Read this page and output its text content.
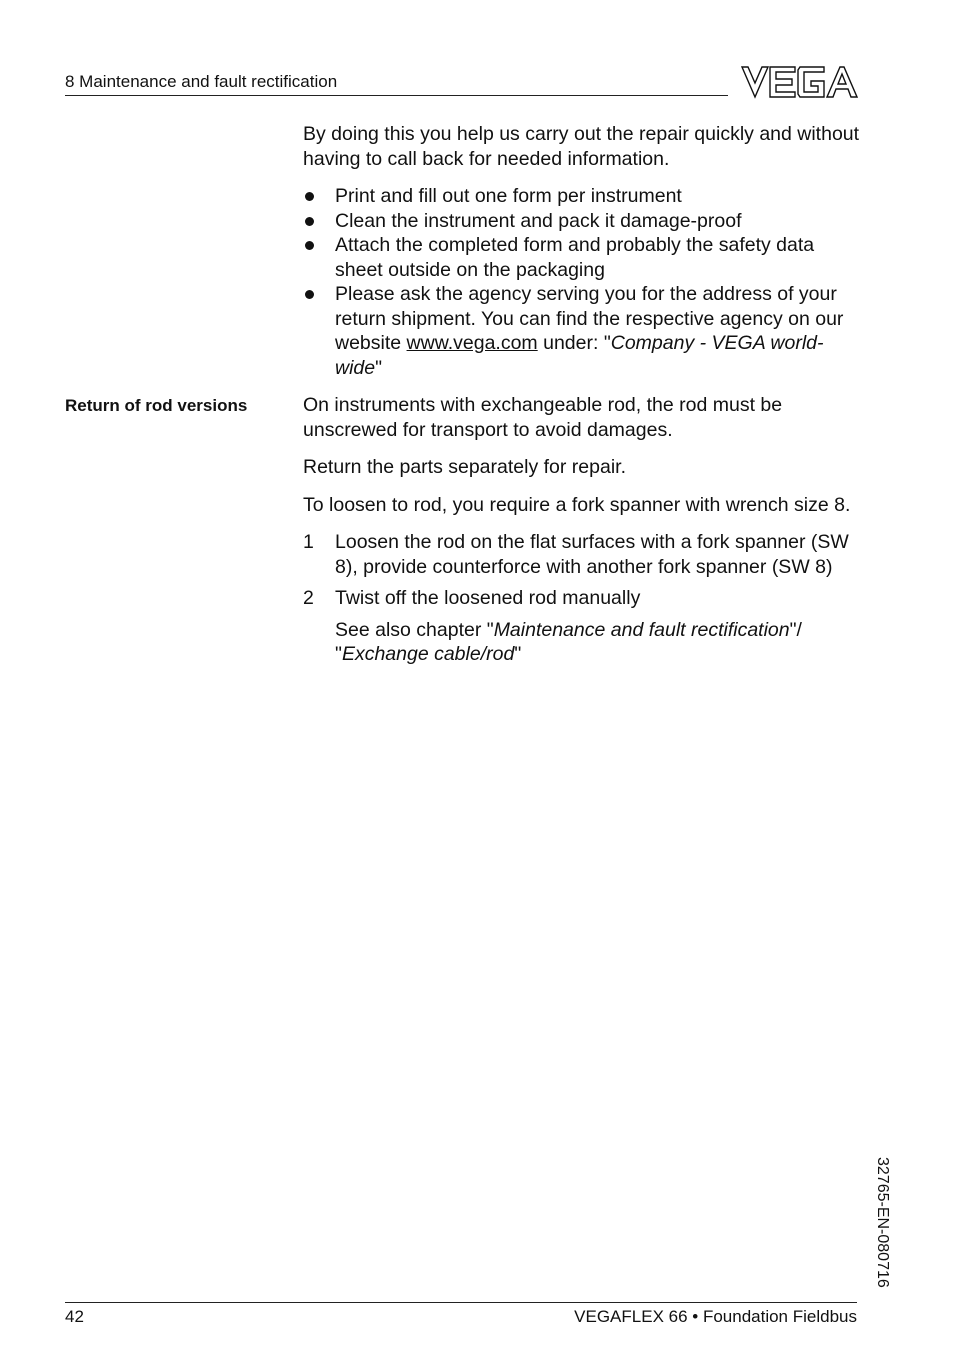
8 Maintenance and fault rectification
Return of rod versions

By doing this you help us carry out the repair quickly and without having to call back for needed information.

Print and fill out one form per instrument

Clean the instrument and pack it damage-proof

Attach the completed form and probably the safety data sheet outside on the packaging

Please ask the agency serving you for the address of your return shipment. You can find the respective agency on our website www.vega.com under: "Company - VEGA world-wide"

On instruments with exchangeable rod, the rod must be unscrewed for transport to avoid damages.

Return the parts separately for repair.

To loosen to rod, you require a fork spanner with wrench size 8.

1 Loosen the rod on the flat surfaces with a fork spanner (SW 8), provide counterforce with another fork spanner (SW 8)

2 Twist off the loosened rod manually

See also chapter "Maintenance and fault rectification"/ "Exchange cable/rod"

32765-EN-080716
42	VEGAFLEX 66 • Foundation Fieldbus
